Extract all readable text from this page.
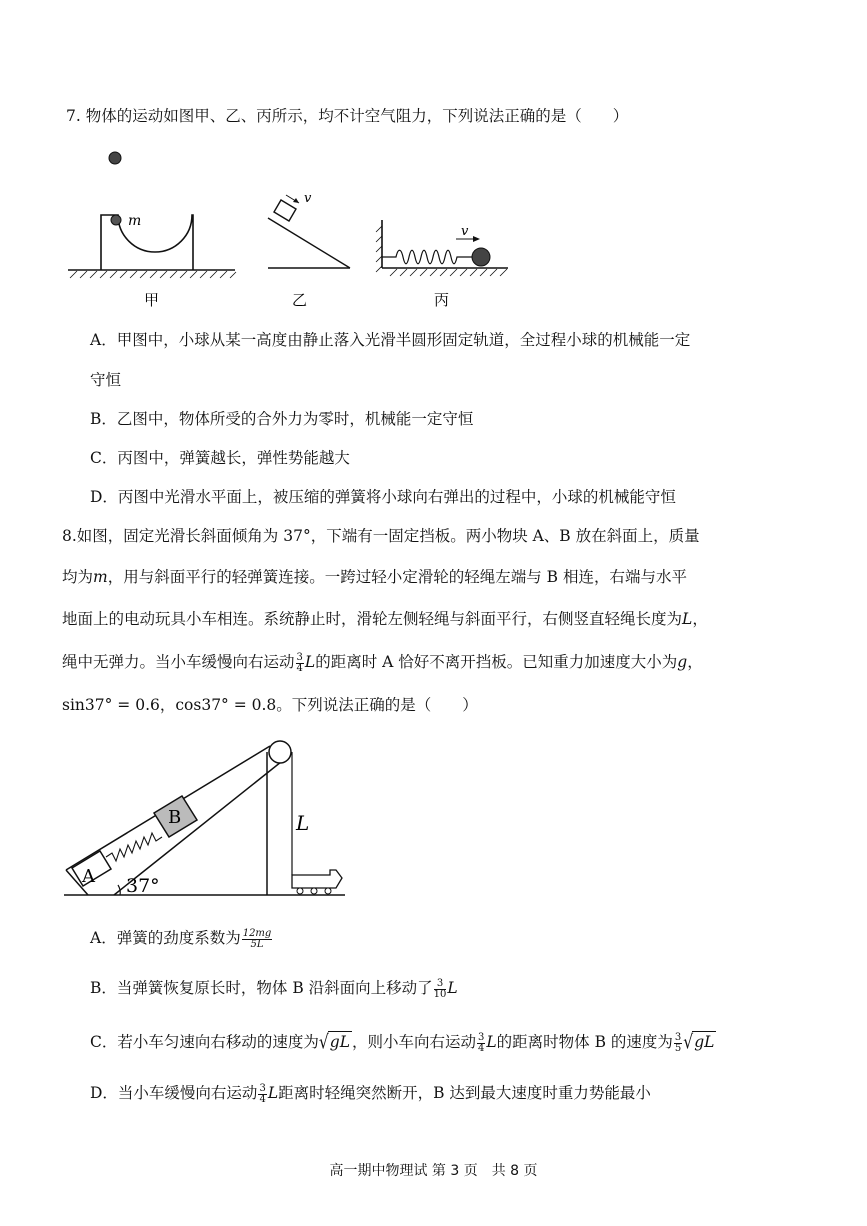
7. 物体的运动如图甲、乙、丙所示，均不计空气阻力，下列说法正确的是（　　）
m
v
v
甲	乙	丙
A．甲图中，小球从某一高度由静止落入光滑半圆形固定轨道，全过程小球的机械能一定
守恒
B．乙图中，物体所受的合外力为零时，机械能一定守恒
C．丙图中，弹簧越长，弹性势能越大
D．丙图中光滑水平面上，被压缩的弹簧将小球向右弹出的过程中，小球的机械能守恒
8.如图，固定光滑长斜面倾角为 37°，下端有一固定挡板。两小物块 A、B 放在斜面上，质量
均为m，用与斜面平行的轻弹簧连接。一跨过轻小定滑轮的轻绳左端与 B 相连，右端与水平
地面上的电动玩具小车相连。系统静止时，滑轮左侧轻绳与斜面平行，右侧竖直轻绳长度为L，
绳中无弹力。当小车缓慢向右运动 $\frac{3}{4}$ L的距离时 A 恰好不离开挡板。已知重力加速度大小为g，
sin37° = 0.6，cos37° = 0.8。下列说法正确的是（　　）
A
B
37°
L
A．弹簧的劲度系数为 $\frac{12mg}{5L}$
B．当弹簧恢复原长时，物体 B 沿斜面向上移动了 $\frac{3}{10}$ L
C．若小车匀速向右移动的速度为√gL ，则小车向右运动 $\frac{3}{4}$ L的距离时物体 B 的速度为 $\frac{3}{5} √gL$
D．当小车缓慢向右运动 $\frac{3}{4}$ L距离时轻绳突然断开，B 达到最大速度时重力势能最小
高一期中物理试 第 3 页　共 8 页
